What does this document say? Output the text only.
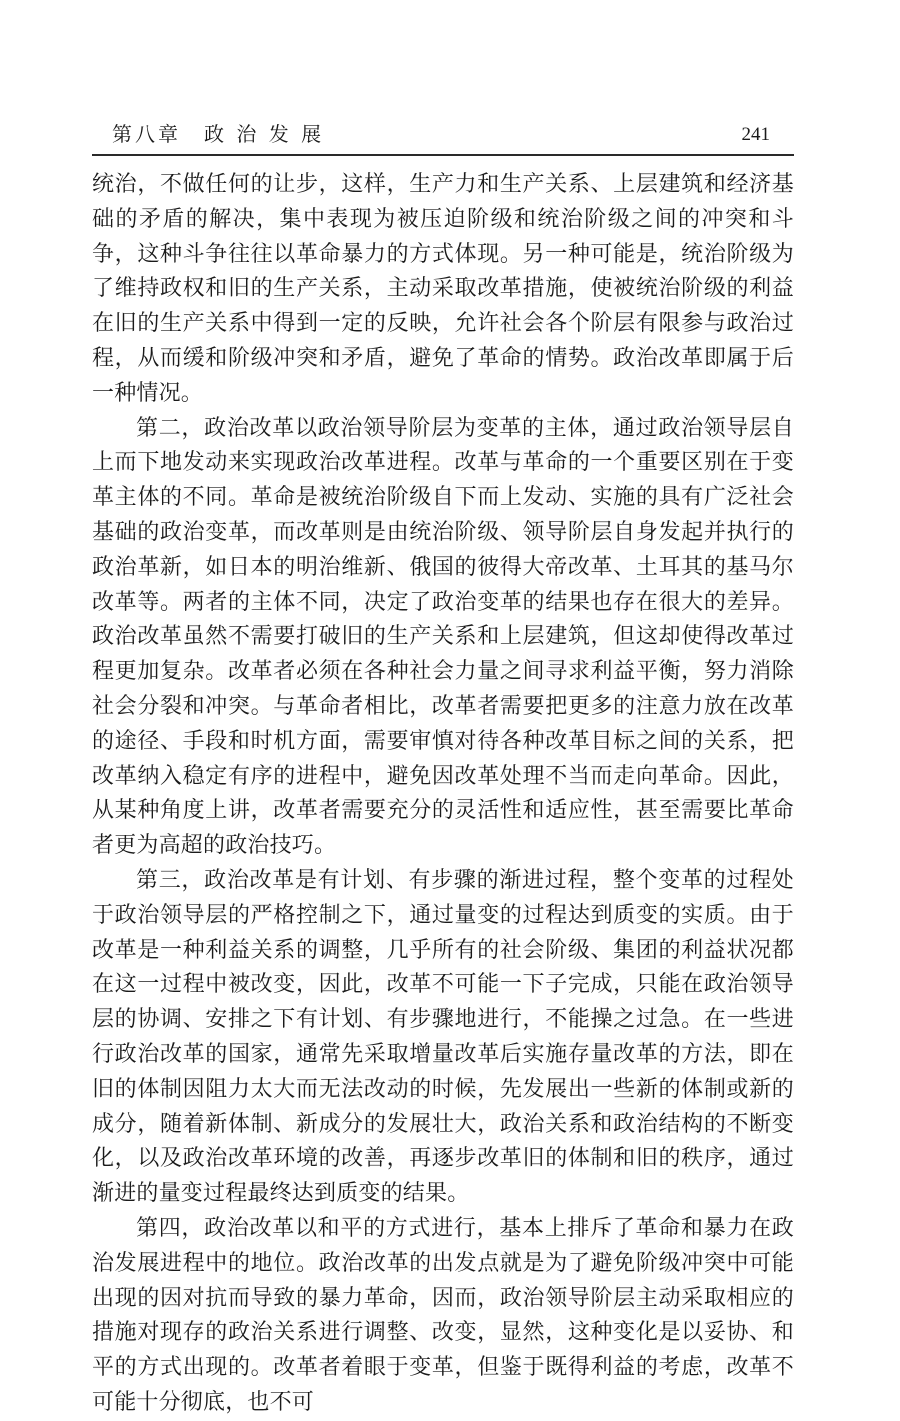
第八章　政 治 发 展	241

统治，不做任何的让步，这样，生产力和生产关系、上层建筑和经济基础的矛盾的解决，集中表现为被压迫阶级和统治阶级之间的冲突和斗争，这种斗争往往以革命暴力的方式体现。另一种可能是，统治阶级为了维持政权和旧的生产关系，主动采取改革措施，使被统治阶级的利益在旧的生产关系中得到一定的反映，允许社会各个阶层有限参与政治过程，从而缓和阶级冲突和矛盾，避免了革命的情势。政治改革即属于后一种情况。

第二，政治改革以政治领导阶层为变革的主体，通过政治领导层自上而下地发动来实现政治改革进程。改革与革命的一个重要区别在于变革主体的不同。革命是被统治阶级自下而上发动、实施的具有广泛社会基础的政治变革，而改革则是由统治阶级、领导阶层自身发起并执行的政治革新，如日本的明治维新、俄国的彼得大帝改革、土耳其的基马尔改革等。两者的主体不同，决定了政治变革的结果也存在很大的差异。政治改革虽然不需要打破旧的生产关系和上层建筑，但这却使得改革过程更加复杂。改革者必须在各种社会力量之间寻求利益平衡，努力消除社会分裂和冲突。与革命者相比，改革者需要把更多的注意力放在改革的途径、手段和时机方面，需要审慎对待各种改革目标之间的关系，把改革纳入稳定有序的进程中，避免因改革处理不当而走向革命。因此，从某种角度上讲，改革者需要充分的灵活性和适应性，甚至需要比革命者更为高超的政治技巧。

第三，政治改革是有计划、有步骤的渐进过程，整个变革的过程处于政治领导层的严格控制之下，通过量变的过程达到质变的实质。由于改革是一种利益关系的调整，几乎所有的社会阶级、集团的利益状况都在这一过程中被改变，因此，改革不可能一下子完成，只能在政治领导层的协调、安排之下有计划、有步骤地进行，不能操之过急。在一些进行政治改革的国家，通常先采取增量改革后实施存量改革的方法，即在旧的体制因阻力太大而无法改动的时候，先发展出一些新的体制或新的成分，随着新体制、新成分的发展壮大，政治关系和政治结构的不断变化，以及政治改革环境的改善，再逐步改革旧的体制和旧的秩序，通过渐进的量变过程最终达到质变的结果。

第四，政治改革以和平的方式进行，基本上排斥了革命和暴力在政治发展进程中的地位。政治改革的出发点就是为了避免阶级冲突中可能出现的因对抗而导致的暴力革命，因而，政治领导阶层主动采取相应的措施对现存的政治关系进行调整、改变，显然，这种变化是以妥协、和平的方式出现的。改革者着眼于变革，但鉴于既得利益的考虑，改革不可能十分彻底，也不可
